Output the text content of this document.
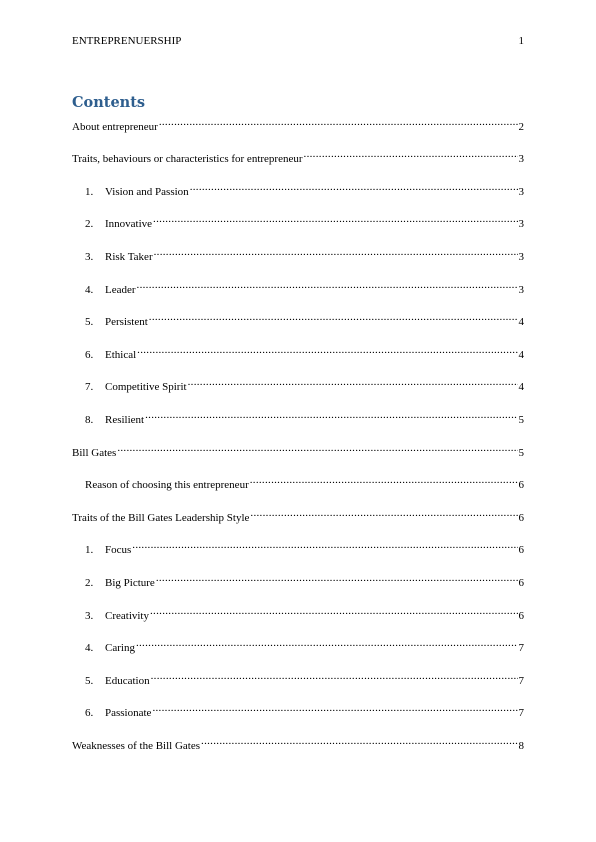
ENTREPRENUERSHIP	1
Contents
About entrepreneur .....	2
Traits, behaviours or characteristics for entrepreneur .....	3
1.	Vision and Passion .....	3
2.	Innovative .....	3
3.	Risk Taker .....	3
4.	Leader .....	3
5.	Persistent .....	4
6.	Ethical .....	4
7.	Competitive Spirit .....	4
8.	Resilient .....	5
Bill Gates .....	5
Reason of choosing this entrepreneur .....	6
Traits of the Bill Gates Leadership Style .....	6
1.	Focus .....	6
2.	Big Picture .....	6
3.	Creativity .....	6
4.	Caring .....	7
5.	Education .....	7
6.	Passionate .....	7
Weaknesses of the Bill Gates .....	8
